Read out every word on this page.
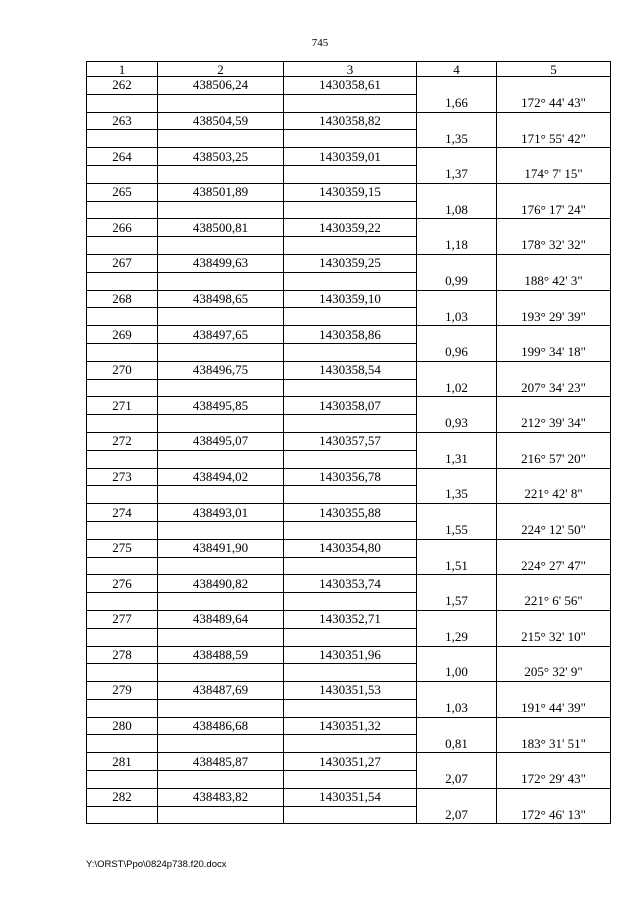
745
1	2	3	4	5
262	438506,24	1430358,61		
			1,66	172° 44' 43"
263	438504,59	1430358,82		
			1,35	171° 55' 42"
264	438503,25	1430359,01		
			1,37	174° 7' 15"
265	438501,89	1430359,15		
			1,08	176° 17' 24"
266	438500,81	1430359,22		
			1,18	178° 32' 32"
267	438499,63	1430359,25		
			0,99	188° 42' 3"
268	438498,65	1430359,10		
			1,03	193° 29' 39"
269	438497,65	1430358,86		
			0,96	199° 34' 18"
270	438496,75	1430358,54		
			1,02	207° 34' 23"
271	438495,85	1430358,07		
			0,93	212° 39' 34"
272	438495,07	1430357,57		
			1,31	216° 57' 20"
273	438494,02	1430356,78		
			1,35	221° 42' 8"
274	438493,01	1430355,88		
			1,55	224° 12' 50"
275	438491,90	1430354,80		
			1,51	224° 27' 47"
276	438490,82	1430353,74		
			1,57	221° 6' 56"
277	438489,64	1430352,71		
			1,29	215° 32' 10"
278	438488,59	1430351,96		
			1,00	205° 32' 9"
279	438487,69	1430351,53		
			1,03	191° 44' 39"
280	438486,68	1430351,32		
			0,81	183° 31' 51"
281	438485,87	1430351,27		
			2,07	172° 29' 43"
282	438483,82	1430351,54		
			2,07	172° 46' 13"
Y:\ORST\Ppo\0824p738.f20.docx
